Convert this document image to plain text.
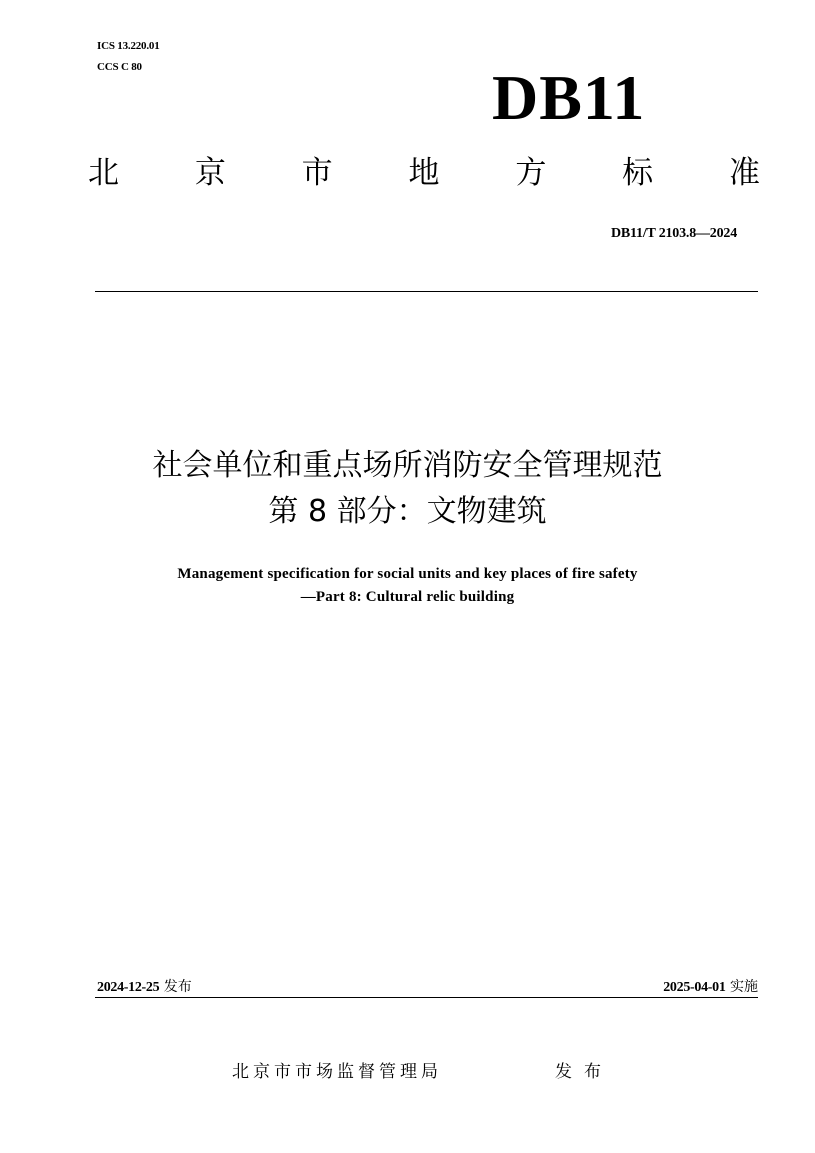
ICS 13.220.01
CCS C 80	DB11
北 京 市 地 方 标 准
DB11/T 2103.8—2024
社会单位和重点场所消防安全管理规范
第 8 部分：文物建筑
Management specification for social units and key places of fire safety
—Part 8: Cultural relic building
2024-12-25 发布	2025-04-01 实施
北京市市场监督管理局	发布
